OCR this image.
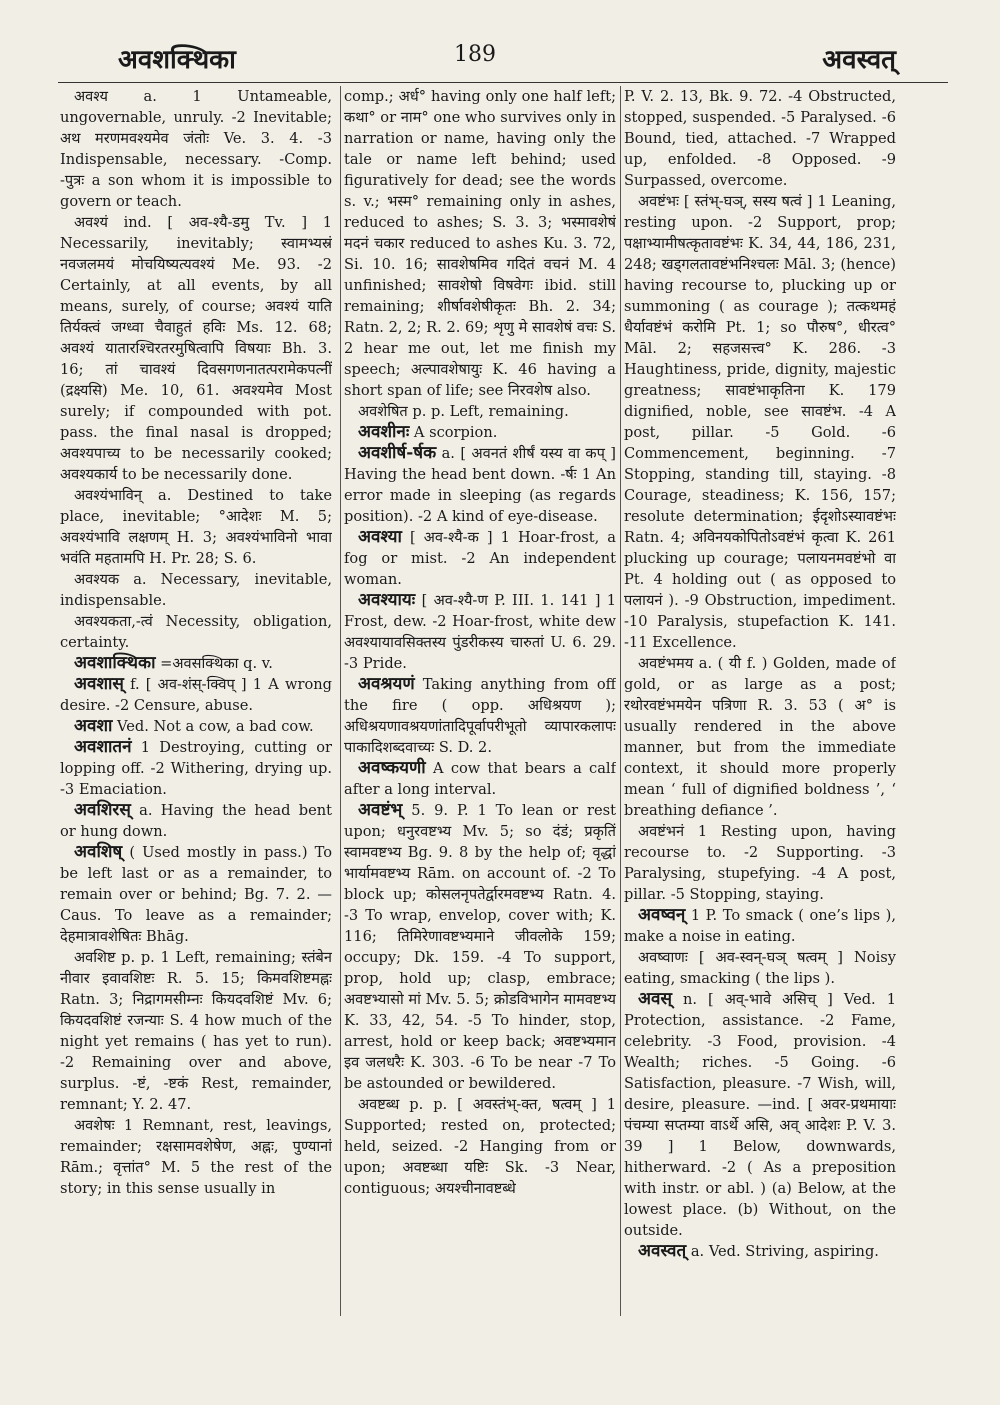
अवशक्थिका	189	अवस्वत्

अवश्य a. 1 Untameable, ungovernable, unruly. -2 Inevitable; अथ मरणमवश्यमेव जंतोः Ve. 3. 4. -3 Indispensable, necessary. -Comp. -पुत्रः a son whom it is impossible to govern or teach.

अवश्यं ind. [ अव-श्यै-डमु Tv. ] 1 Necessarily, inevitably; स्वामभ्यस्रं नवजलमयं मोचयिष्यत्यवश्यं Me. 93. -2 Certainly, at all events, by all means, surely, of course; अवश्यं याति तिर्यक्त्वं जग्ध्वा चैवाहुतं हविः Ms. 12. 68; अवश्यं यातारश्चिरतरमुषित्वापि विषयाः Bh. 3. 16; तां चावश्यं दिवसगणनातत्परामेकपत्नीं (द्रक्ष्यसि) Me. 10, 61. अवश्यमेव Most surely; if compounded with pot. pass. the final nasal is dropped; अवश्यपाच्य to be necessarily cooked; अवश्यकार्य to be necessarily done.

अवश्यंभाविन् a. Destined to take place, inevitable; °आदेशः M. 5; अवश्यंभावि लक्षणम् H. 3; अवश्यंभाविनो भावा भवंति महतामपि H. Pr. 28; S. 6.

अवश्यक a. Necessary, inevitable, indispensable.

अवश्यकता,-त्वं Necessity, obligation, certainty.

अवशाक्थिका =अवसक्थिका q. v.

अवशास् f. [ अव-शंस्-क्विप् ] 1 A wrong desire. -2 Censure, abuse.

अवशा Ved. Not a cow, a bad cow.

अवशातनं 1 Destroying, cutting or lopping off. -2 Withering, drying up. -3 Emaciation.

अवशिरस् a. Having the head bent or hung down.

अवशिष् ( Used mostly in pass.) To be left last or as a remainder, to remain over or behind; Bg. 7. 2. —Caus. To leave as a remainder; देहमात्रावशेषितः Bhāg.

अवशिष्ट p. p. 1 Left, remaining; स्तंबेन नीवार इवावशिष्टः R. 5. 15; किमवशिष्टमह्नः Ratn. 3; निद्रागमसीम्नः कियदवशिष्टं Mv. 6; कियदवशिष्टं रजन्याः S. 4 how much of the night yet remains ( has yet to run). -2 Remaining over and above, surplus. -ष्टं, -ष्टकं Rest, remainder, remnant; Y. 2. 47.

अवशेषः 1 Remnant, rest, leavings, remainder; रक्षसामवशेषेण, अह्नः, पुण्यानां Rām.; वृत्तांत° M. 5 the rest of the story; in this sense usually in

comp.; अर्ध° having only one half left; कथा° or नाम° one who survives only in narration or name, having only the tale or name left behind; used figuratively for dead; see the words s. v.; भस्म° remaining only in ashes, reduced to ashes; S. 3. 3; भस्मावशेषं मदनं चकार reduced to ashes Ku. 3. 72, Si. 10. 16; सावशेषमिव गदितं वचनं M. 4 unfinished; सावशेषो विषवेगः ibid. still remaining; शीर्षावशेषीकृतः Bh. 2. 34; Ratn. 2, 2; R. 2. 69; शृणु मे सावशेषं वचः S. 2 hear me out, let me finish my speech; अल्पावशेषायुः K. 46 having a short span of life; see निरवशेष also.

अवशेषित p. p. Left, remaining.

अवशीनः A scorpion.

अवशीर्ष-र्षक a. [ अवनतं शीर्षं यस्य वा कप् ] Having the head bent down. -र्षः 1 An error made in sleeping (as regards position). -2 A kind of eye-disease.

अवश्या [ अव-श्यै-क ] 1 Hoar-frost, a fog or mist. -2 An independent woman.

अवश्यायः [ अव-श्यै-ण P. III. 1. 141 ] 1 Frost, dew. -2 Hoar-frost, white dew अवश्यायावसिक्तस्य पुंडरीकस्य चारुतां U. 6. 29. -3 Pride.

अवश्रयणं Taking anything from off the fire ( opp. अधिश्रयण ); अधिश्रयणावश्रयणांतादिपूर्वापरीभूतो व्यापारकलापः पाकादिशब्दवाच्यः S. D. 2.

अवष्कयणी A cow that bears a calf after a long interval.

अवष्टंभ् 5. 9. P. 1 To lean or rest upon; धनुरवष्टभ्य Mv. 5; so दंडं; प्रकृतिं स्वामवष्टभ्य Bg. 9. 8 by the help of; वृद्धां भार्यामवष्टभ्य Rām. on account of. -2 To block up; कोसलनृपतेर्द्वारमवष्टभ्य Ratn. 4. -3 To wrap, envelop, cover with; K. 116; तिमिरेणावष्टभ्यमाने जीवलोके 159; occupy; Dk. 159. -4 To support, prop, hold up; clasp, embrace; अवष्टभ्यासो मां Mv. 5. 5; क्रोडविभागेन मामवष्टभ्य K. 33, 42, 54. -5 To hinder, stop, arrest, hold or keep back; अवष्टभ्यमान इव जलधरैः K. 303. -6 To be near -7 To be astounded or bewildered.

अवष्टब्ध p. p. [ अवस्तंभ्-क्त, षत्वम् ] 1 Supported; rested on, protected; held, seized. -2 Hanging from or upon; अवष्टब्धा यष्टिः Sk. -3 Near, contiguous; अयश्चीनावष्टब्धे

P. V. 2. 13, Bk. 9. 72. -4 Obstructed, stopped, suspended. -5 Paralysed. -6 Bound, tied, attached. -7 Wrapped up, enfolded. -8 Opposed. -9 Surpassed, overcome.

अवष्टंभः [ स्तंभ्-घञ्, सस्य षत्वं ] 1 Leaning, resting upon. -2 Support, prop; पक्षाभ्यामीषत्कृतावष्टंभः K. 34, 44, 186, 231, 248; खड्गलतावष्टंभनिश्चलः Māl. 3; (hence) having recourse to, plucking up or summoning ( as courage ); तत्कथमहं धैर्यावष्टंभं करोमि Pt. 1; so पौरुष°, धीरत्व° Māl. 2; सहजसत्त्व° K. 286. -3 Haughtiness, pride, dignity, majestic greatness; सावष्टंभाकृतिना K. 179 dignified, noble, see सावष्टंभ. -4 A post, pillar. -5 Gold. -6 Commencement, beginning. -7 Stopping, standing till, staying. -8 Courage, steadiness; K. 156, 157; resolute determination; ईदृशोऽस्यावष्टंभः Ratn. 4; अविनयकोपितोऽवष्टंभं कृत्वा K. 261 plucking up courage; पलायनमवष्टंभो वा Pt. 4 holding out ( as opposed to पलायनं ). -9 Obstruction, impediment. -10 Paralysis, stupefaction K. 141. -11 Excellence.

अवष्टंभमय a. ( यी f. ) Golden, made of gold, or as large as a post; रथोरवष्टंभमयेन पत्रिणा R. 3. 53 ( अ° is usually rendered in the above manner, but from the immediate context, it should more properly mean ‘ full of dignified boldness ’, ‘ breathing defiance ’.

अवष्टंभनं 1 Resting upon, having recourse to. -2 Supporting. -3 Paralysing, stupefying. -4 A post, pillar. -5 Stopping, staying.

अवष्वन् 1 P. To smack ( one’s lips ), make a noise in eating.

अवष्वाणः [ अव-स्वन्-घञ् षत्वम् ] Noisy eating, smacking ( the lips ).

अवस् n. [ अव्-भावे असिच् ] Ved. 1 Protection, assistance. -2 Fame, celebrity. -3 Food, provision. -4 Wealth; riches. -5 Going. -6 Satisfaction, pleasure. -7 Wish, will, desire, pleasure. —ind. [ अवर-प्रथमायाः पंचम्या सप्तम्या वाऽर्थे असि, अव् आदेशः P. V. 3. 39 ] 1 Below, downwards, hitherward. -2 ( As a preposition with instr. or abl. ) (a) Below, at the lowest place. (b) Without, on the outside.

अवस्वत् a. Ved. Striving, aspiring.
